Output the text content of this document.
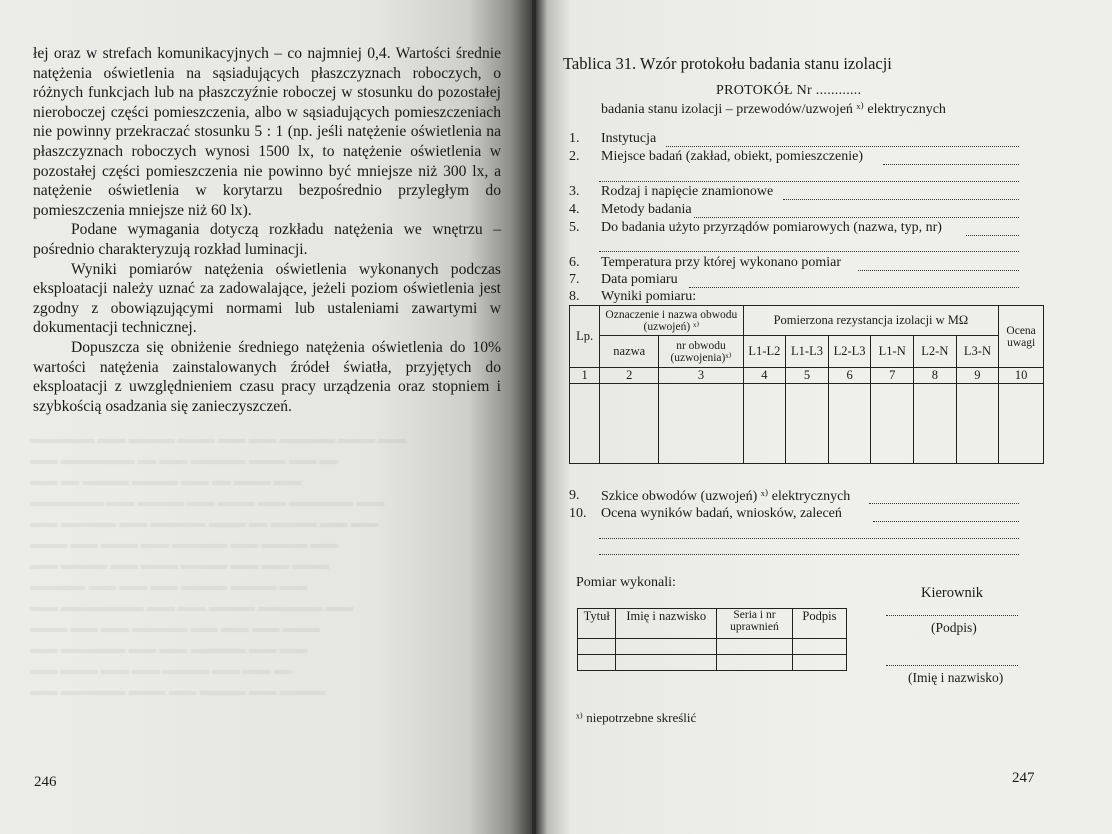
łej oraz w strefach komunikacyjnych – co najmniej 0,4. Wartości średnie natężenia oświetlenia na sąsiadujących płaszczyznach roboczych, o różnych funkcjach lub na płaszczyźnie roboczej w stosunku do pozostałej nieroboczej części pomieszczenia, albo w sąsiadujących pomieszczeniach nie powinny przekraczać stosunku 5 : 1 (np. jeśli natężenie oświetlenia na płaszczyznach roboczych wynosi 1500 lx, to natężenie oświetlenia w pozostałej części pomieszczenia nie powinno być mniejsze niż 300 lx, a natężenie oświetlenia w korytarzu bezpośrednio przyległym do pomieszczenia mniejsze niż 60 lx).

Podane wymagania dotyczą rozkładu natężenia we wnętrzu – pośrednio charakteryzują rozkład luminacji.

Wyniki pomiarów natężenia oświetlenia wykonanych podczas eksploatacji należy uznać za zadowalające, jeżeli poziom oświetlenia jest zgodny z obowiązującymi normami lub ustaleniami zawartymi w dokumentacji technicznej.

Dopuszcza się obniżenie średniego natężenia oświetlenia do 10% wartości natężenia zainstalowanych źródeł światła, przyjętych do eksploatacji z uwzględnieniem czasu pracy urządzenia oraz stopniem i szybkością osadzania się zanieczyszczeń.

═══════ ═══ ═════ ════ ═══ ═══ ══════ ════ ═══
═══ ════════ ══ ═══ ══════ ════ ═══ ══
═══ ══ ═════ ═════ ═══ ══ ════ ═══
════════ ═══ ═════ ═══ ════ ═══ ═══════ ═══
═══ ══════ ═══ ══════ ════ ══ ═════ ═══ ═══
════ ═══ ════ ═══ ══════ ═══ ═════ ═══
═══ ═════ ═══ ════ ═════ ═══ ═══ ════
══════ ═══ ═══ ═══ ═════ ═════ ═══
═══ ═════════ ═══ ═══ ═════ ═══════ ═══
════ ═══ ═══ ══════ ═══ ═══ ═══ ════
═══ ═══════ ═══ ═══ ══════ ═══ ═══
═══ ════ ═══ ═══ ═════ ═══ ═══ ══
═══ ═══════ ════ ═══ ═════ ═══ ═════
246
Tablica 31. Wzór protokołu badania stanu izolacji
PROTOKÓŁ Nr ............
badania stanu izolacji – przewodów/uzwojeń ˣ⁾ elektrycznych
1.	Instytucja
2.	Miejsce badań (zakład, obiekt, pomieszczenie)
3.	Rodzaj i napięcie znamionowe
4.	Metody badania
5.	Do badania użyto przyrządów pomiarowych (nazwa, typ, nr)
6.	Temperatura przy której wykonano pomiar
7.	Data pomiaru
8.	Wyniki pomiaru:
Lp.	Oznaczenie i nazwa obwodu (uzwojeń) ˣ⁾		Pomierzona rezystancja izolacji w MΩ						Ocena uwagi
	nazwa	nr obwodu (uzwojenia)ˣ⁾	L1-L2	L1-L3	L2-L3	L1-N	L2-N	L3-N	
1	2	3	4	5	6	7	8	9	10

9.	Szkice obwodów (uzwojeń) ˣ⁾ elektrycznych
10. Ocena wyników badań, wniosków, zaleceń
Pomiar wykonali:
Tytuł	Imię i nazwisko	Seria i nr uprawnień	Podpis

Kierownik
(Podpis)
(Imię i nazwisko)
ˣ⁾ niepotrzebne skreślić
247
